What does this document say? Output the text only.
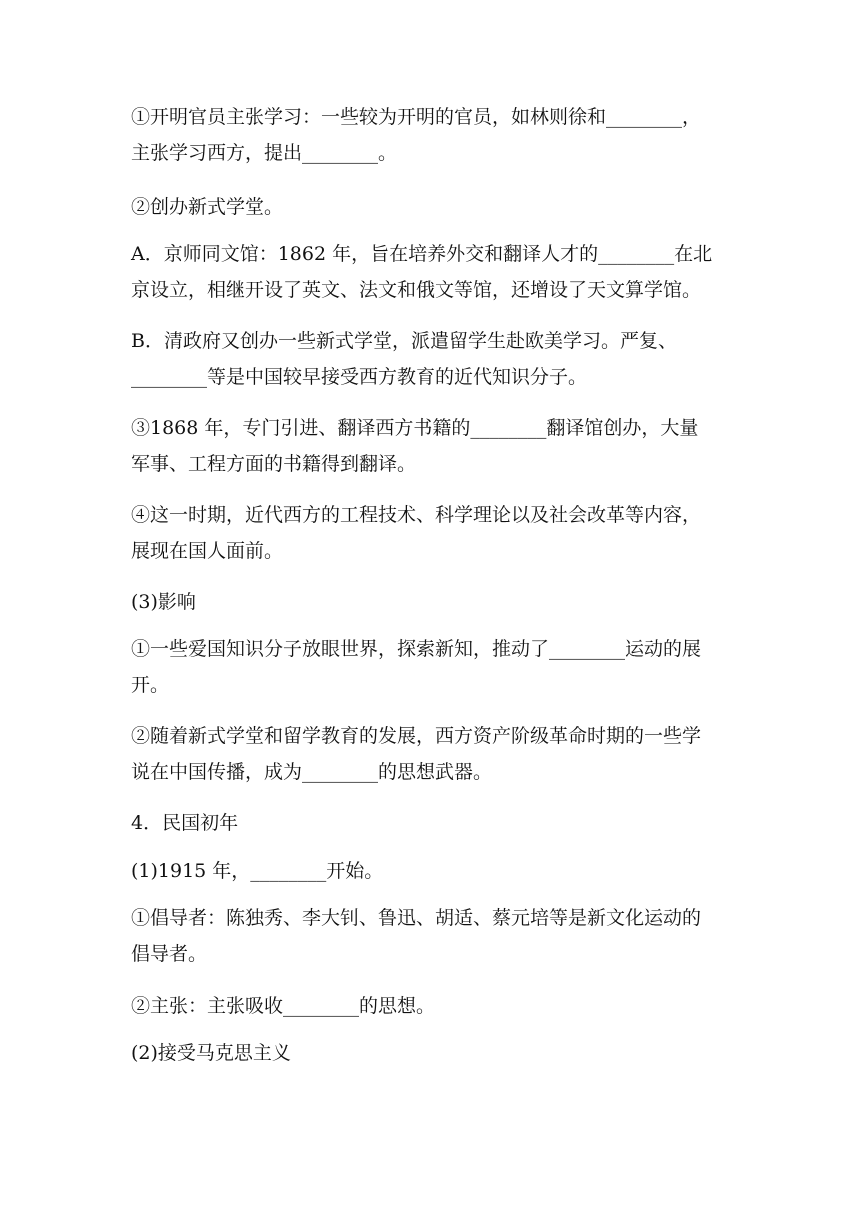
①开明官员主张学习：一些较为开明的官员，如林则徐和________，
主张学习西方，提出________。
②创办新式学堂。
A．京师同文馆：1862 年，旨在培养外交和翻译人才的________在北
京设立，相继开设了英文、法文和俄文等馆，还增设了天文算学馆。
B．清政府又创办一些新式学堂，派遣留学生赴欧美学习。严复、
________等是中国较早接受西方教育的近代知识分子。
③1868 年，专门引进、翻译西方书籍的________翻译馆创办，大量
军事、工程方面的书籍得到翻译。
④这一时期，近代西方的工程技术、科学理论以及社会改革等内容，
展现在国人面前。
(3)影响
①一些爱国知识分子放眼世界，探索新知，推动了________运动的展
开。
②随着新式学堂和留学教育的发展，西方资产阶级革命时期的一些学
说在中国传播，成为________的思想武器。
4．民国初年
(1)1915 年，________开始。
①倡导者：陈独秀、李大钊、鲁迅、胡适、蔡元培等是新文化运动的
倡导者。
②主张：主张吸收________的思想。
(2)接受马克思主义
